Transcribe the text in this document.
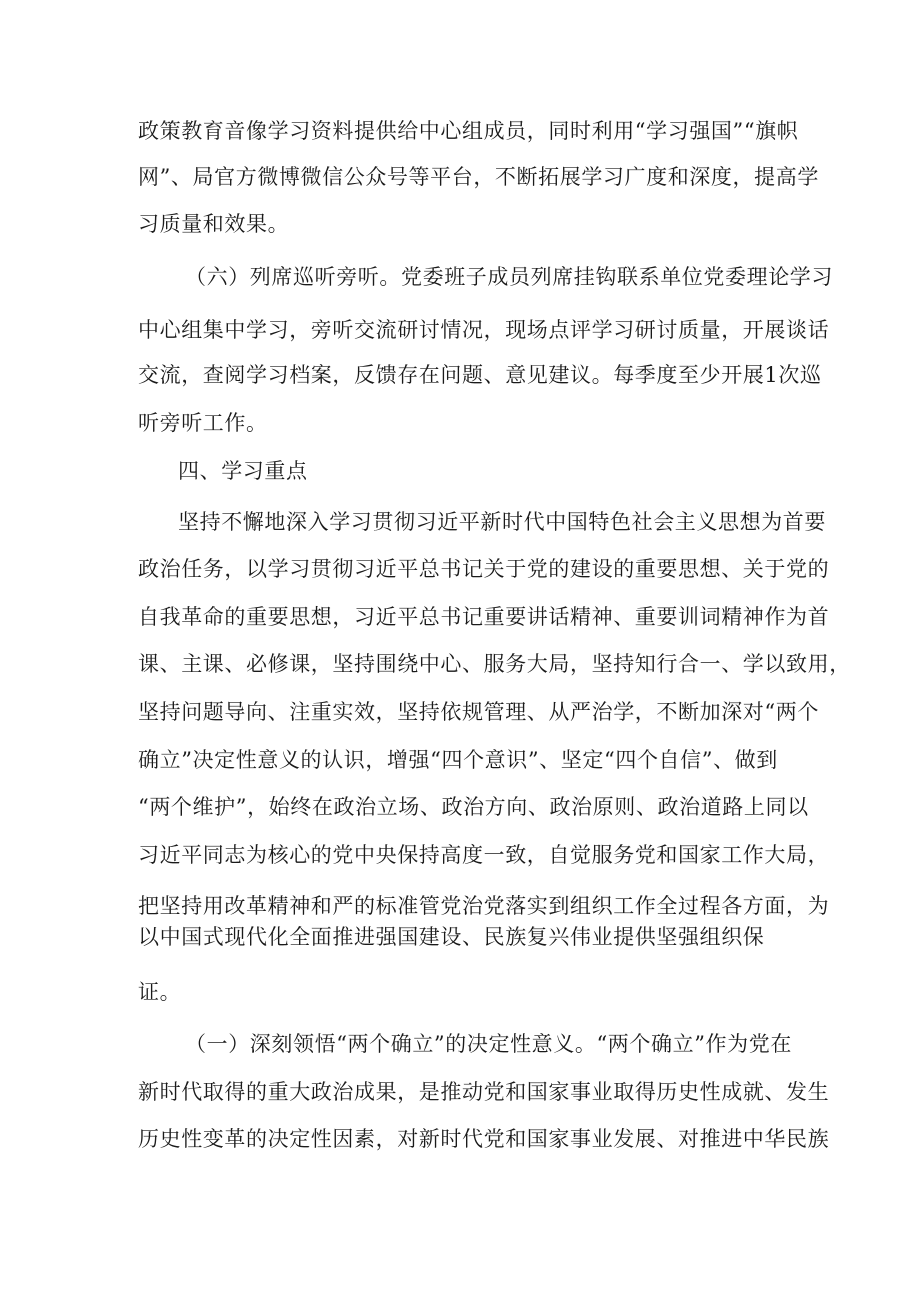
政策教育音像学习资料提供给中心组成员，同时利用“学习强国”“旗帜
网”、局官方微博微信公众号等平台，不断拓展学习广度和深度，提高学
习质量和效果。
（六）列席巡听旁听。党委班子成员列席挂钩联系单位党委理论学习
中心组集中学习，旁听交流研讨情况，现场点评学习研讨质量，开展谈话
交流，查阅学习档案，反馈存在问题、意见建议。每季度至少开展1次巡
听旁听工作。
四、学习重点
坚持不懈地深入学习贯彻习近平新时代中国特色社会主义思想为首要
政治任务，以学习贯彻习近平总书记关于党的建设的重要思想、关于党的
自我革命的重要思想，习近平总书记重要讲话精神、重要训词精神作为首
课、主课、必修课，坚持围绕中心、服务大局，坚持知行合一、学以致用，
坚持问题导向、注重实效，坚持依规管理、从严治学，不断加深对“两个
确立”决定性意义的认识，增强“四个意识”、坚定“四个自信”、做到
“两个维护”，始终在政治立场、政治方向、政治原则、政治道路上同以
习近平同志为核心的党中央保持高度一致，自觉服务党和国家工作大局，
把坚持用改革精神和严的标准管党治党落实到组织工作全过程各方面，为
以中国式现代化全面推进强国建设、民族复兴伟业提供坚强组织保
证。
（一）深刻领悟“两个确立”的决定性意义。“两个确立”作为党在
新时代取得的重大政治成果，是推动党和国家事业取得历史性成就、发生
历史性变革的决定性因素，对新时代党和国家事业发展、对推进中华民族
